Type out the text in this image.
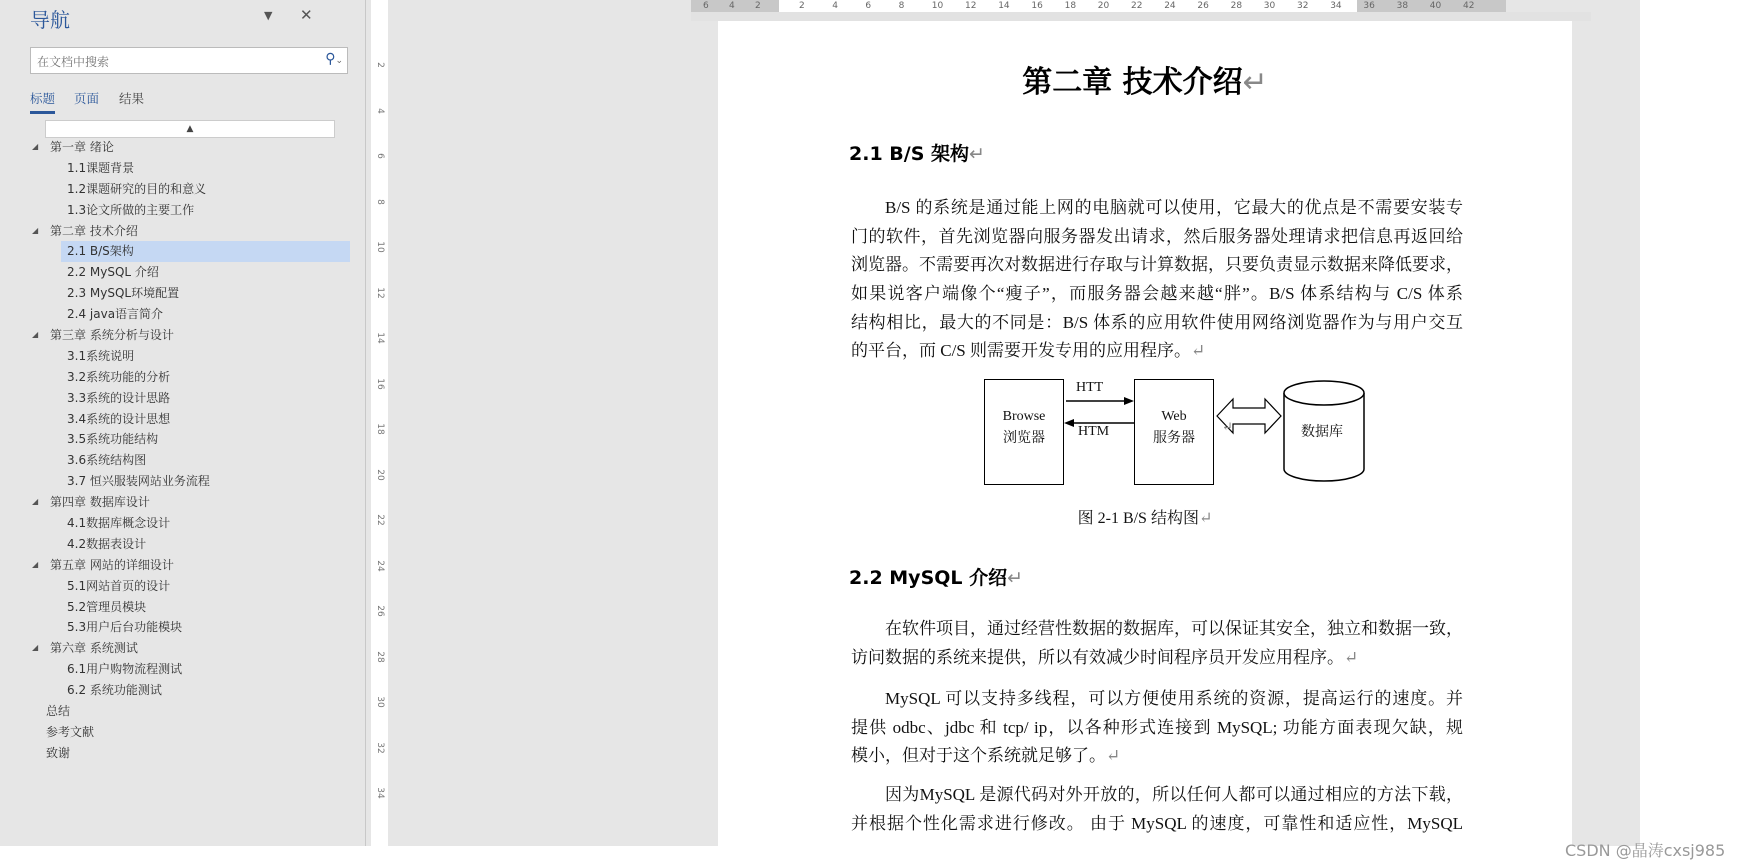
导航	▼ ✕
在文档中搜索	⚲⌄
标题 页面 结果
▲
◢ 第一章 绪论
1.1课题背景
1.2课题研究的目的和意义
1.3论文所做的主要工作
◢ 第二章 技术介绍
2.1 B/S架构
2.2 MySQL 介绍
2.3 MySQL环境配置
2.4 java语言简介
◢ 第三章 系统分析与设计
3.1系统说明
3.2系统功能的分析
3.3系统的设计思路
3.4系统的设计思想
3.5系统功能结构
3.6系统结构图
3.7 恒兴服装网站业务流程
◢ 第四章 数据库设计
4.1数据库概念设计
4.2数据表设计
◢ 第五章 网站的详细设计
5.1网站首页的设计
5.2管理员模块
5.3用户后台功能模块
◢ 第六章 系统测试
6.1用户购物流程测试
6.2 系统功能测试
总结
参考文献
致谢
2
4
6
8
10
12
14
16
18
20
22
24
26
28
30
32
34
6 4 2	2	4	6	8	10 12 14 16 18 20 22 24 26 28 30 32 34 36 38 40 42
第二章 技术介绍↵
2.1 B/S 架构↵
B/S 的系统是通过能上网的电脑就可以使用，它最大的优点是不需要安装专
门的软件，首先浏览器向服务器发出请求，然后服务器处理请求把信息再返回给
浏览器。不需要再次对数据进行存取与计算数据，只要负责显示数据来降低要求，
如果说客户端像个“瘦子”，而服务器会越来越“胖”。B/S 体系结构与 C/S 体系
结构相比，最大的不同是：B/S 体系的应用软件使用网络浏览器作为与用户交互
的平台，而 C/S 则需要开发专用的应用程序。↵
Browse
浏览器
HTT
HTM
Web
服务器	数据库
↵
图 2-1 B/S 结构图↵
2.2 MySQL 介绍↵
在软件项目，通过经营性数据的数据库，可以保证其安全，独立和数据一致，
访问数据的系统来提供，所以有效减少时间程序员开发应用程序。↵
MySQL 可以支持多线程，可以方便使用系统的资源，提高运行的速度。并
提供 odbc、jdbc 和 tcp/ ip，以各种形式连接到 MySQL; 功能方面表现欠缺，规
模小，但对于这个系统就足够了。↵
因为MySQL 是源代码对外开放的，所以任何人都可以通过相应的方法下载，
并根据个性化需求进行修改。 由于 MySQL 的速度，可靠性和适应性，MySQL
CSDN @晶涛cxsj985
